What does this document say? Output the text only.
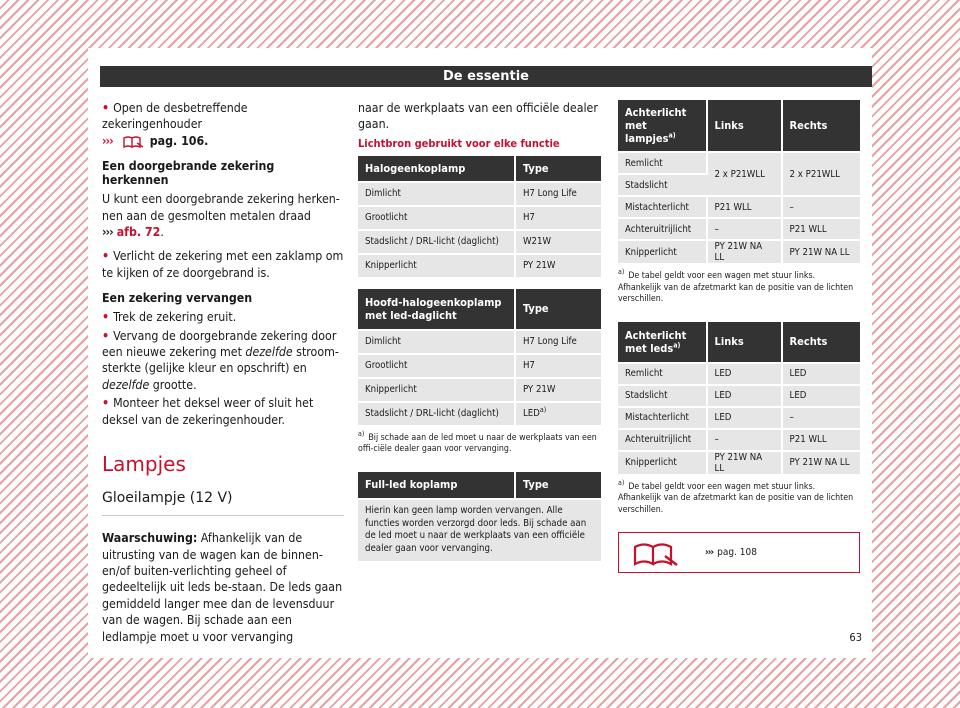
De essentie
• Open de desbetreffende zekeringenhouder
›››	pag. 106.
Een doorgebrande zekering herkennen

U kunt een doorgebrande zekering herken-nen aan de gesmolten metalen draad ››› afb. 72.

• Verlicht de zekering met een zaklamp om te kijken of ze doorgebrand is.
Een zekering vervangen
• Trek de zekering eruit.
• Vervang de doorgebrande zekering door een nieuwe zekering met dezelfde stroom-sterkte (gelijke kleur en opschrift) en dezelfde grootte.
• Monteer het deksel weer of sluit het deksel van de zekeringenhouder.
Lampjes
Gloeilampje (12 V)

Waarschuwing: Afhankelijk van de uitrusting van de wagen kan de binnen- en/of buiten-verlichting geheel of gedeeltelijk uit leds be-staan. De leds gaan gemiddeld langer mee dan de levensduur van de wagen. Bij schade aan een ledlampje moet u voor vervanging

naar de werkplaats van een officiële dealer gaan.

Lichtbron gebruikt voor elke functie
Halogeenkoplamp	Type
Dimlicht	H7 Long Life
Grootlicht	H7
Stadslicht / DRL-licht (daglicht)	W21W
Knipperlicht	PY 21W
Hoofd-halogeenkoplamp met led-daglicht	Type
Dimlicht	H7 Long Life
Grootlicht	H7
Knipperlicht	PY 21W
Stadslicht / DRL-licht (daglicht)	LED$^{a)}$
$^{a)}$ Bij schade aan de led moet u naar de werkplaats van een offi-ciële dealer gaan voor vervanging.
Full-led koplamp	Type
Hierin kan geen lamp worden vervangen. Alle functies worden verzorgd door leds. Bij schade aan de led moet u naar de werkplaats van een officiële dealer gaan voor vervanging.
Achterlicht met lampjes$^{a)}$	Links	Rechts
Remlicht	2 x P21WLL	2 x P21WLL
Stadslicht		
Mistachterlicht	P21 WLL	–
Achteruitrijlicht	–	P21 WLL
Knipperlicht	PY 21W NA LL	PY 21W NA LL
$^{a)}$ De tabel geldt voor een wagen met stuur links. Afhankelijk van de afzetmarkt kan de positie van de lichten verschillen.
Achterlicht met leds$^{a)}$	Links	Rechts
Remlicht	LED	LED
Stadslicht	LED	LED
Mistachterlicht	LED	–
Achteruitrijlicht	–	P21 WLL
Knipperlicht	PY 21W NA LL	PY 21W NA LL
$^{a)}$ De tabel geldt voor een wagen met stuur links. Afhankelijk van de afzetmarkt kan de positie van de lichten verschillen.
››› pag. 108
63
